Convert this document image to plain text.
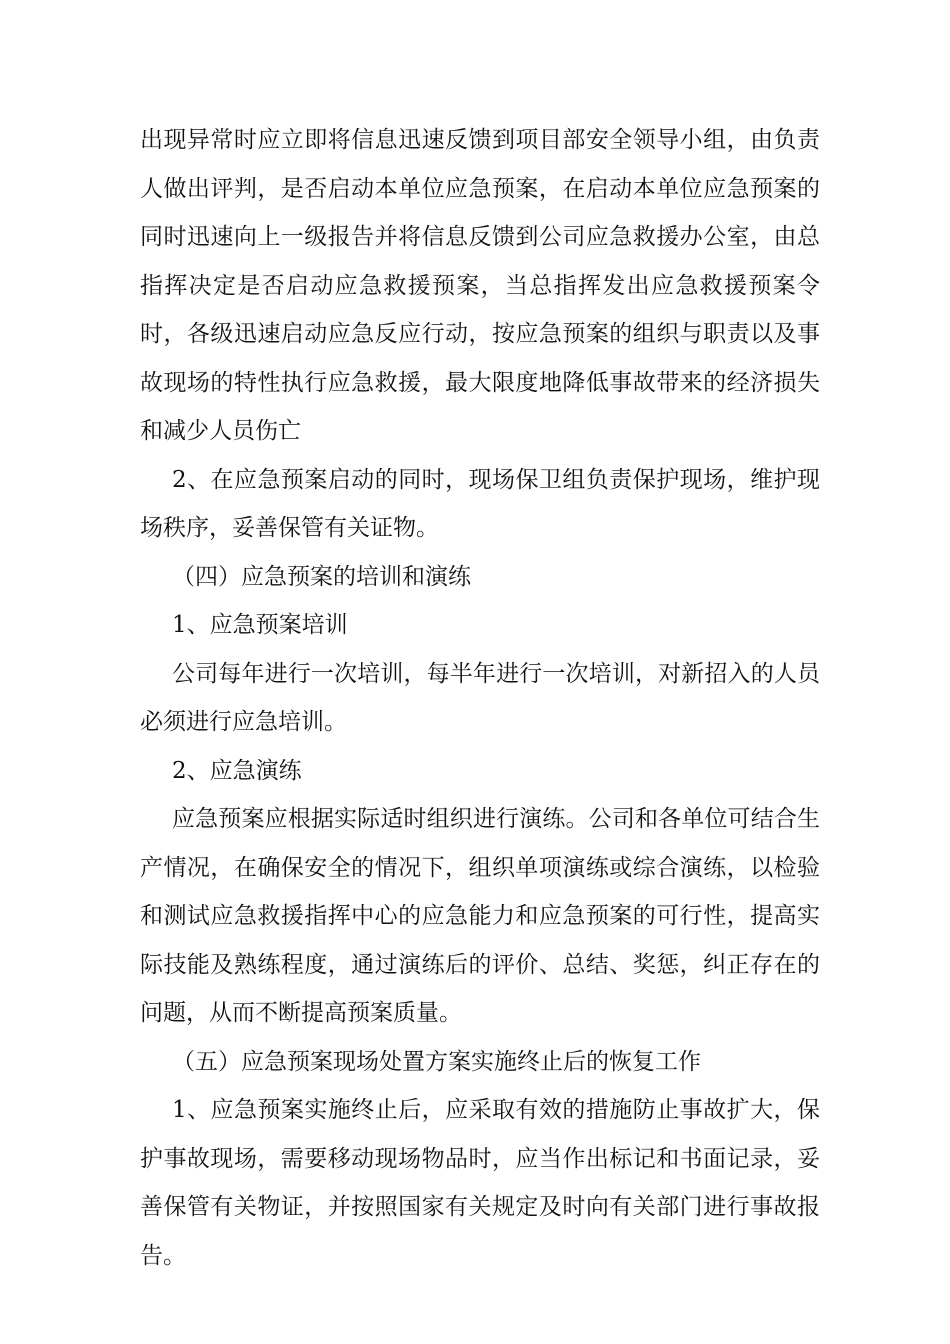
出现异常时应立即将信息迅速反馈到项目部安全领导小组，由负责人做出评判，是否启动本单位应急预案，在启动本单位应急预案的同时迅速向上一级报告并将信息反馈到公司应急救援办公室，由总指挥决定是否启动应急救援预案，当总指挥发出应急救援预案令时，各级迅速启动应急反应行动，按应急预案的组织与职责以及事故现场的特性执行应急救援，最大限度地降低事故带来的经济损失和减少人员伤亡

2、在应急预案启动的同时，现场保卫组负责保护现场，维护现场秩序，妥善保管有关证物。

（四）应急预案的培训和演练

1、应急预案培训

公司每年进行一次培训，每半年进行一次培训，对新招入的人员必须进行应急培训。

2、应急演练

应急预案应根据实际适时组织进行演练。公司和各单位可结合生产情况，在确保安全的情况下，组织单项演练或综合演练，以检验和测试应急救援指挥中心的应急能力和应急预案的可行性，提高实际技能及熟练程度，通过演练后的评价、总结、奖惩，纠正存在的问题，从而不断提高预案质量。

（五）应急预案现场处置方案实施终止后的恢复工作

1、应急预案实施终止后，应采取有效的措施防止事故扩大，保护事故现场，需要移动现场物品时，应当作出标记和书面记录，妥善保管有关物证，并按照国家有关规定及时向有关部门进行事故报告。
